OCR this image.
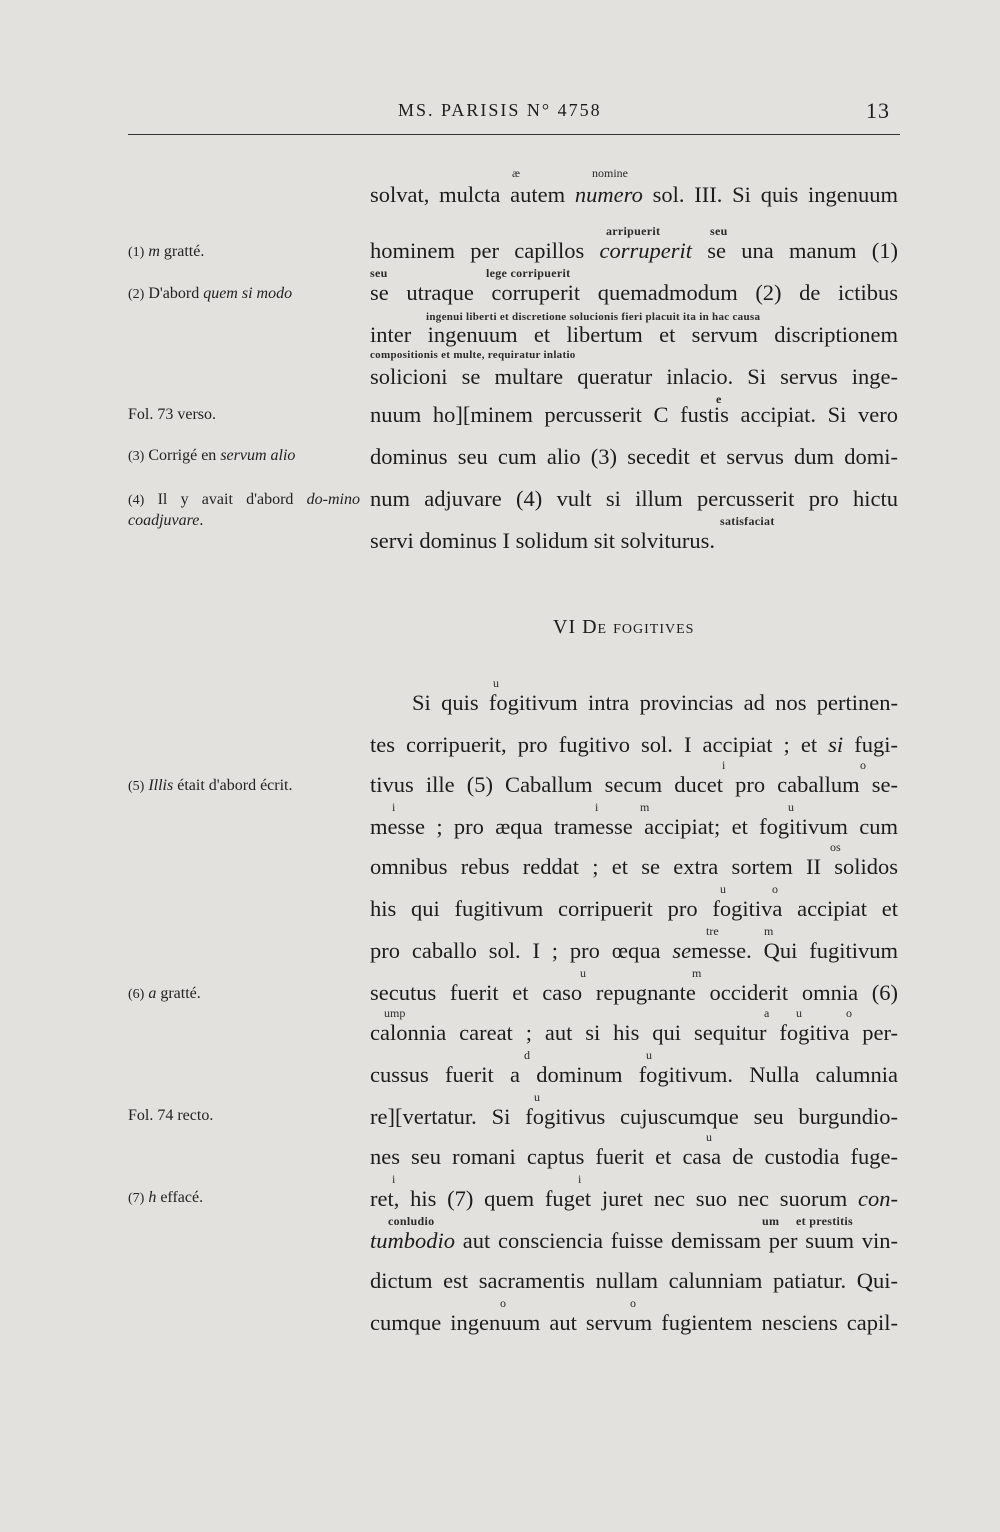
MS. PARISIS N° 4758	13
(1) m gratté.
(2) D'abord quem si modo
Fol. 73 verso.
(3) Corrigé en servum alio
(4) Il y avait d'abord do-mino coadjuvare.
(5) Illis était d'abord écrit.
(6) a gratté.
Fol. 74 recto.
(7) h effacé.
æ	nomine
arripuerit	seu
seu	lege corripuerit
ingenui liberti et discretione solucionis fieri placuit ita in hac causa
compositionis et multe, requiratur inlatio
e
satisfaciat
u
i	o
i	i	m	u
os
u	o
tre	m
u	m
ump	a u	o
d	u
u
u
i	i
conludio	um et prestitis
o	o
solvat, mulcta autem numero sol. III. Si quis ingenuum
hominem per capillos corruperit se una manum (1)
se utraque corruperit quemadmodum (2) de ictibus
inter ingenuum et libertum et servum discriptionem
solicioni se multare queratur inlacio. Si servus inge-
nuum ho][minem percusserit C fustis accipiat. Si vero
dominus seu cum alio (3) secedit et servus dum domi-
num adjuvare (4) vult si illum percusserit pro hictu
servi dominus I solidum sit solviturus.
VI De fogitives
Si quis fogitivum intra provincias ad nos pertinen-
tes corripuerit, pro fugitivo sol. I accipiat ; et si fugi-
tivus ille (5) Caballum secum ducet pro caballum se-
messe ; pro æqua tramesse accipiat; et fogitivum cum
omnibus rebus reddat ; et se extra sortem II solidos
his qui fugitivum corripuerit pro fogitiva accipiat et
pro caballo sol. I ; pro œqua semesse. Qui fugitivum
secutus fuerit et caso repugnante occiderit omnia (6)
calonnia careat ; aut si his qui sequitur fogitiva per-
cussus fuerit a dominum fogitivum. Nulla calumnia
re][vertatur. Si fogitivus cujuscumque seu burgundio-
nes seu romani captus fuerit et casa de custodia fuge-
ret, his (7) quem fuget juret nec suo nec suorum con-
tumbodio aut consciencia fuisse demissam per suum vin-
dictum est sacramentis nullam calunniam patiatur. Qui-
cumque ingenuum aut servum fugientem nesciens capil-
